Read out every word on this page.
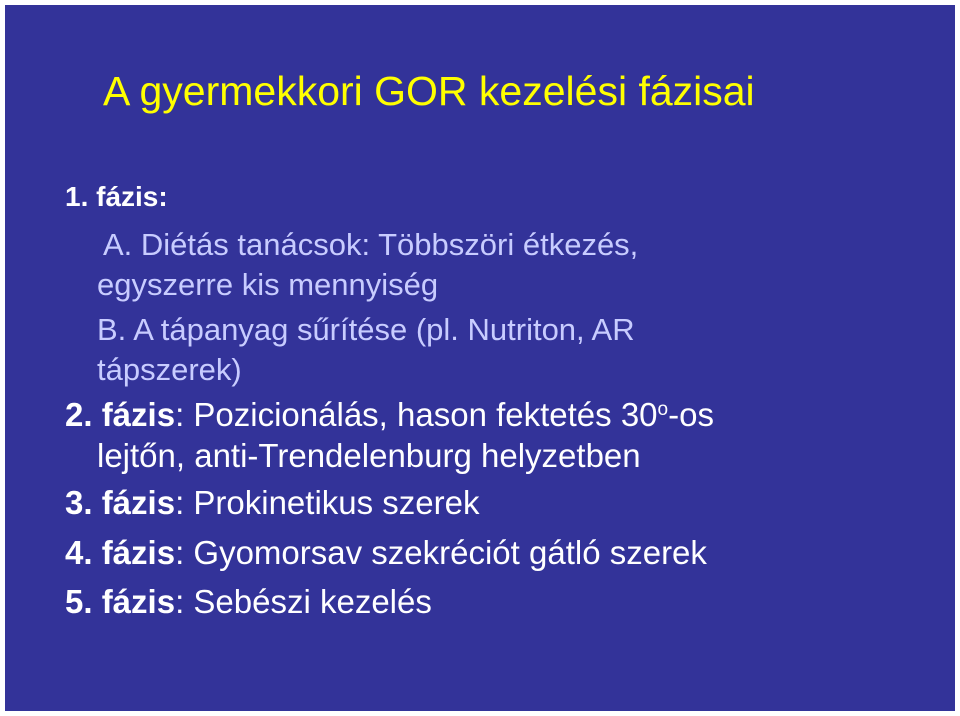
A gyermekkori GOR kezelési fázisai
1. fázis:
A. Diétás tanácsok: Többszöri étkezés,
egyszerre kis mennyiség
B. A tápanyag sűrítése (pl. Nutriton, AR
tápszerek)
2. fázis: Pozicionálás, hason fektetés 30$^o$-os
lejtőn, anti-Trendelenburg helyzetben
3. fázis: Prokinetikus szerek
4. fázis: Gyomorsav szekréciót gátló szerek
5. fázis: Sebészi kezelés
